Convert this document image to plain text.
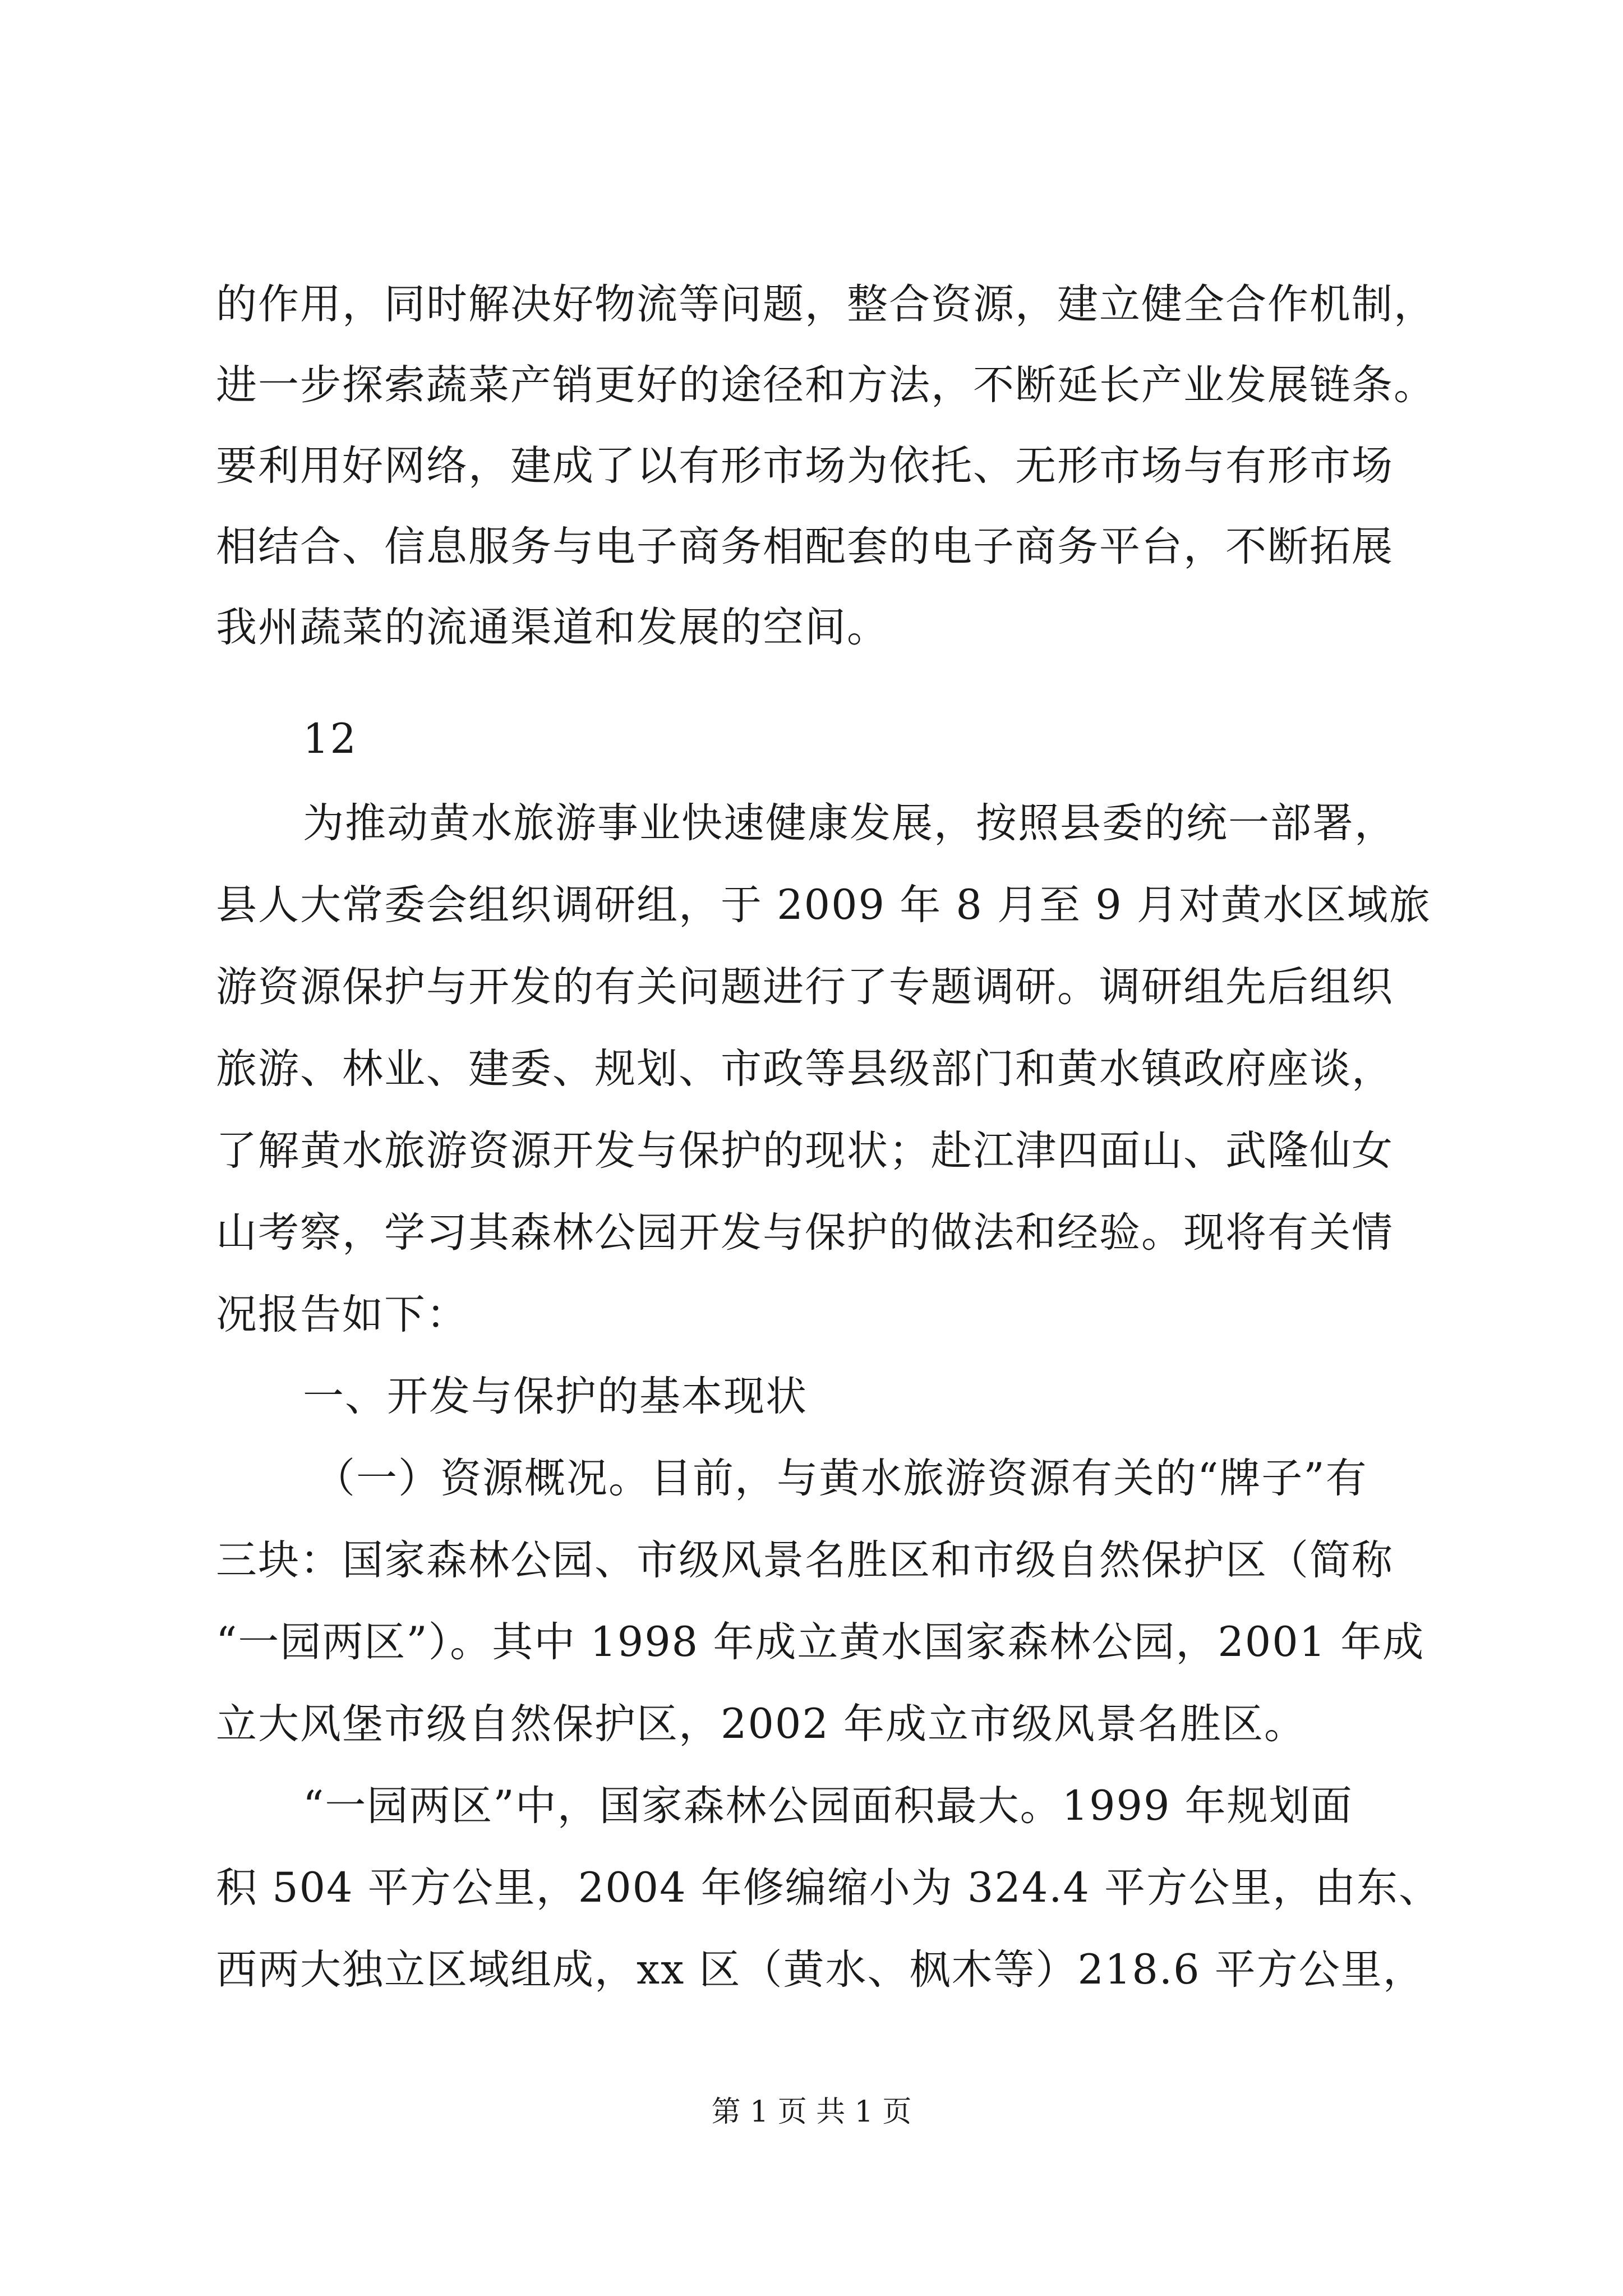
的作用，同时解决好物流等问题，整合资源，建立健全合作机制，
进一步探索蔬菜产销更好的途径和方法，不断延长产业发展链条。
要利用好网络，建成了以有形市场为依托、无形市场与有形市场
相结合、信息服务与电子商务相配套的电子商务平台，不断拓展
我州蔬菜的流通渠道和发展的空间。
12
为推动黄水旅游事业快速健康发展，按照县委的统一部署，
县人大常委会组织调研组，于 2009 年 8 月至 9 月对黄水区域旅
游资源保护与开发的有关问题进行了专题调研。调研组先后组织
旅游、林业、建委、规划、市政等县级部门和黄水镇政府座谈，
了解黄水旅游资源开发与保护的现状；赴江津四面山、武隆仙女
山考察，学习其森林公园开发与保护的做法和经验。现将有关情
况报告如下：
一、开发与保护的基本现状
（一）资源概况。目前，与黄水旅游资源有关的“牌子”有
三块：国家森林公园、市级风景名胜区和市级自然保护区（简称
“一园两区”）。其中 1998 年成立黄水国家森林公园，2001 年成
立大风堡市级自然保护区，2002 年成立市级风景名胜区。
“一园两区”中，国家森林公园面积最大。1999 年规划面
积 504 平方公里，2004 年修编缩小为 324.4 平方公里，由东、
西两大独立区域组成，xx 区（黄水、枫木等）218.6 平方公里，
第 1 页 共 1 页
